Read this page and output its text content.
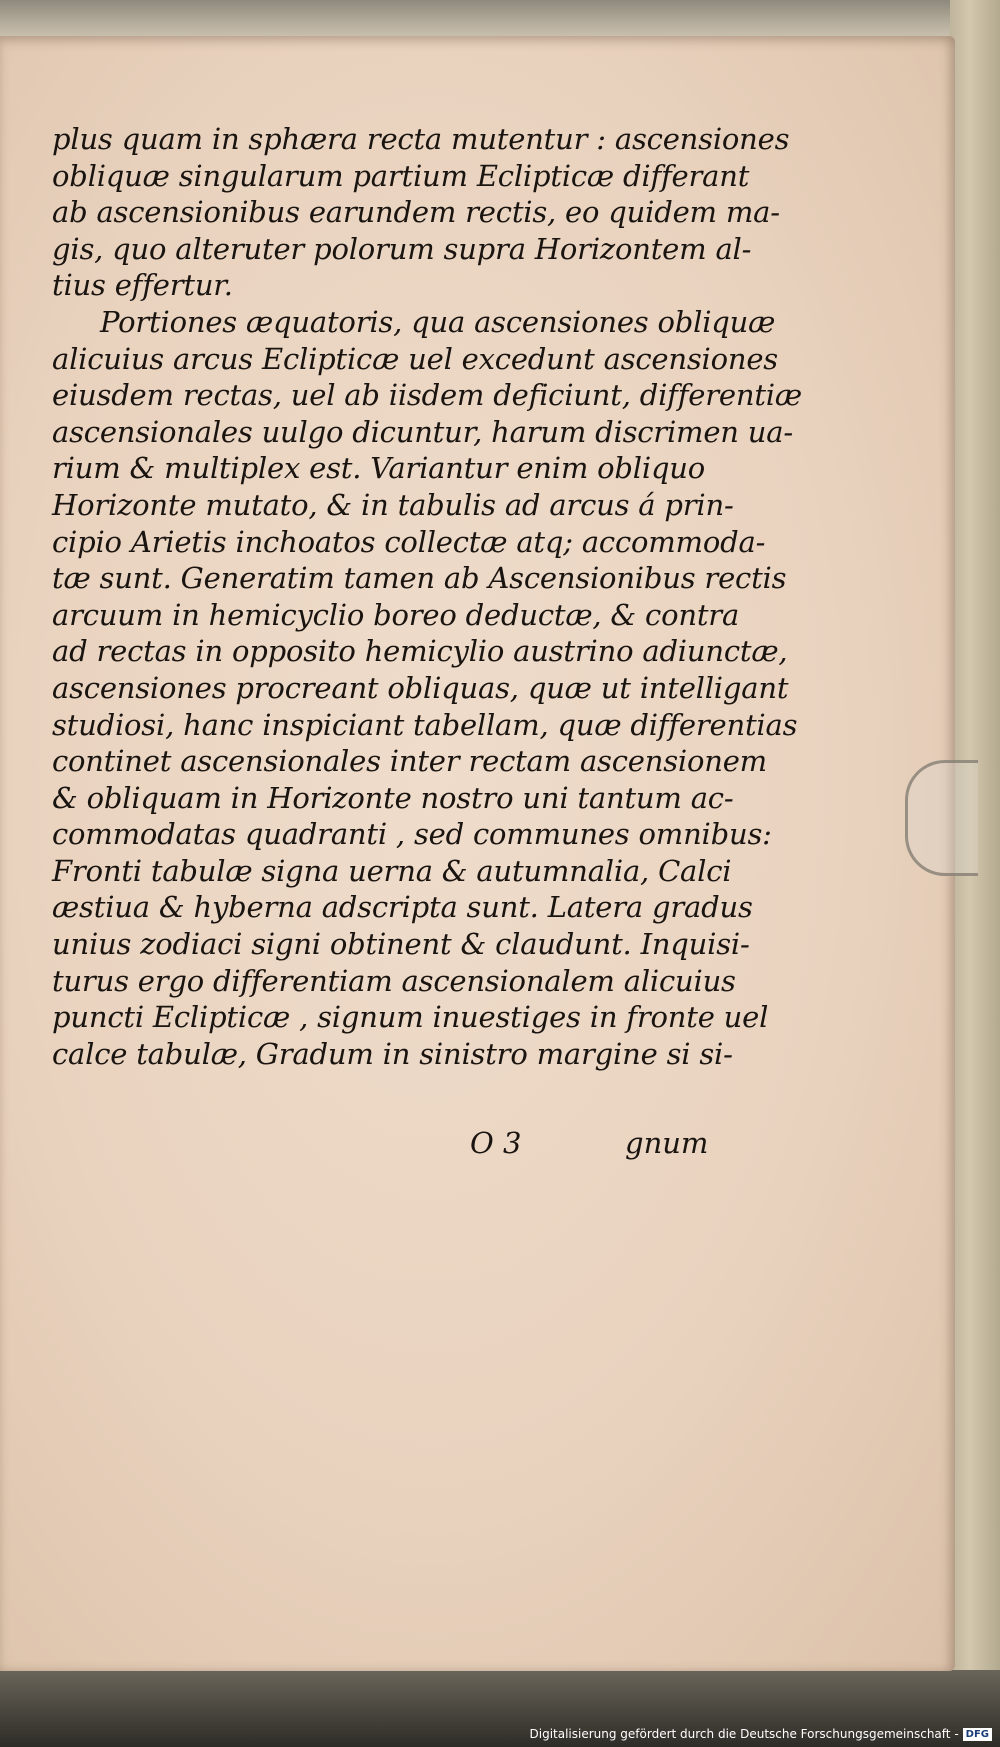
plus quam in sphæra recta mutentur : ascensiones
obliquæ singularum partium Eclipticæ differant
ab ascensionibus earundem rectis, eo quidem ma-
gis, quo alteruter polorum supra Horizontem al-
tius effertur.
Portiones æquatoris, qua ascensiones obliquæ
alicuius arcus Eclipticæ uel excedunt ascensiones
eiusdem rectas, uel ab iisdem deficiunt, differentiæ
ascensionales uulgo dicuntur, harum discrimen ua-
rium & multiplex est. Variantur enim obliquo
Horizonte mutato, & in tabulis ad arcus á prin-
cipio Arietis inchoatos collectæ atq; accommoda-
tæ sunt. Generatim tamen ab Ascensionibus rectis
arcuum in hemicyclio boreo deductæ, & contra
ad rectas in opposito hemicylio austrino adiunctæ,
ascensiones procreant obliquas, quæ ut intelligant
studiosi, hanc inspiciant tabellam, quæ differentias
continet ascensionales inter rectam ascensionem
& obliquam in Horizonte nostro uni tantum ac-
commodatas quadranti , sed communes omnibus:
Fronti tabulæ signa uerna & autumnalia, Calci
æstiua & hyberna adscripta sunt. Latera gradus
unius zodiaci signi obtinent & claudunt. Inquisi-
turus ergo differentiam ascensionalem alicuius
puncti Eclipticæ , signum inuestiges in fronte uel
calce tabulæ, Gradum in sinistro margine si si-
O 3	gnum
Digitalisierung gefördert durch die Deutsche Forschungsgemeinschaft - DFG
